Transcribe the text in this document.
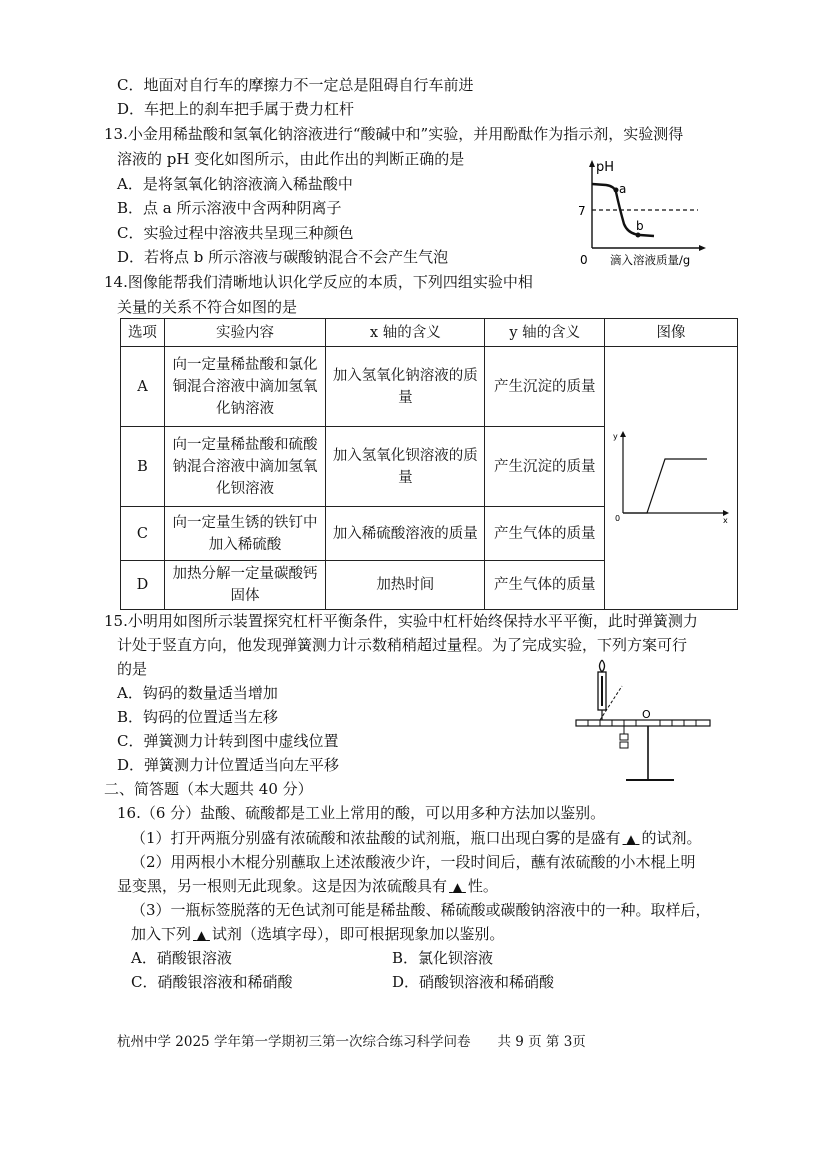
C．地面对自行车的摩擦力不一定总是阻碍自行车前进
D．车把上的刹车把手属于费力杠杆
13.小金用稀盐酸和氢氧化钠溶液进行“酸碱中和”实验，并用酚酞作为指示剂，实验测得
溶液的 pH 变化如图所示，由此作出的判断正确的是
A．是将氢氧化钠溶液滴入稀盐酸中
B．点 a 所示溶液中含两种阴离子
C．实验过程中溶液共呈现三种颜色
D．若将点 b 所示溶液与碳酸钠混合不会产生气泡
pH
7
0
a
b
滴入溶液质量/g
14.图像能帮我们清晰地认识化学反应的本质，下列四组实验中相
关量的关系不符合如图的是
选项	实验内容	x 轴的含义	y 轴的含义	图像
A	向一定量稀盐酸和氯化铜混合溶液中滴加氢氧化钠溶液	加入氢氧化钠溶液的质量	产生沉淀的质量	y
0 x

B	向一定量稀盐酸和硫酸钠混合溶液中滴加氢氧化钡溶液	加入氢氧化钡溶液的质量	产生沉淀的质量	
C	向一定量生锈的铁钉中加入稀硫酸	加入稀硫酸溶液的质量	产生气体的质量	
D	加热分解一定量碳酸钙固体	加热时间	产生气体的质量	
15.小明用如图所示装置探究杠杆平衡条件，实验中杠杆始终保持水平平衡，此时弹簧测力
计处于竖直方向，他发现弹簧测力计示数稍稍超过量程。为了完成实验，下列方案可行
的是
A．钩码的数量适当增加
B．钩码的位置适当左移
C．弹簧测力计转到图中虚线位置
D．弹簧测力计位置适当向左平移
O
二、简答题（本大题共 40 分）
16.（6 分）盐酸、硫酸都是工业上常用的酸，可以用多种方法加以鉴别。
（1）打开两瓶分别盛有浓硫酸和浓盐酸的试剂瓶，瓶口出现白雾的是盛有 ▲ 的试剂。
（2）用两根小木棍分别蘸取上述浓酸液少许，一段时间后，蘸有浓硫酸的小木棍上明
显变黑，另一根则无此现象。这是因为浓硫酸具有 ▲ 性。
（3）一瓶标签脱落的无色试剂可能是稀盐酸、稀硫酸或碳酸钠溶液中的一种。取样后，
加入下列 ▲ 试剂（选填字母），即可根据现象加以鉴别。
A．硝酸银溶液	B．氯化钡溶液
C．硝酸银溶液和稀硝酸	D．硝酸钡溶液和稀硝酸
杭州中学 2025 学年第一学期初三第一次综合练习科学问卷　　共 9 页 第 3页
